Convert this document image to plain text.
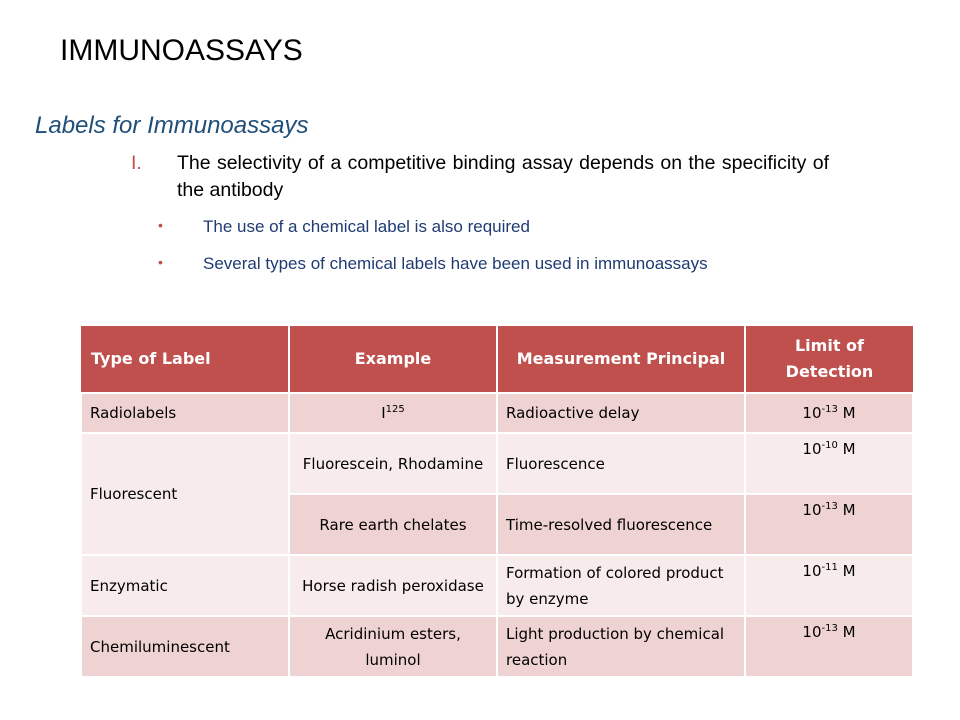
IMMUNOASSAYS
Labels for Immunoassays
I. The selectivity of a competitive binding assay depends on the specificity of the antibody
• The use of a chemical label is also required
• Several types of chemical labels have been used in immunoassays
Type of Label	Example	Measurement Principal	Limit of Detection
Radiolabels	$I^{125}$	Radioactive delay	$10^{-13}$ M
Fluorescent	Fluorescein, Rhodamine	Fluorescence	$10^{-10}$ M
	Rare earth chelates	Time-resolved fluorescence	$10^{-13}$ M
Enzymatic	Horse radish peroxidase	Formation of colored product by enzyme	$10^{-11}$ M
Chemiluminescent	Acridinium esters, luminol	Light production by chemical reaction	$10^{-13}$ M
